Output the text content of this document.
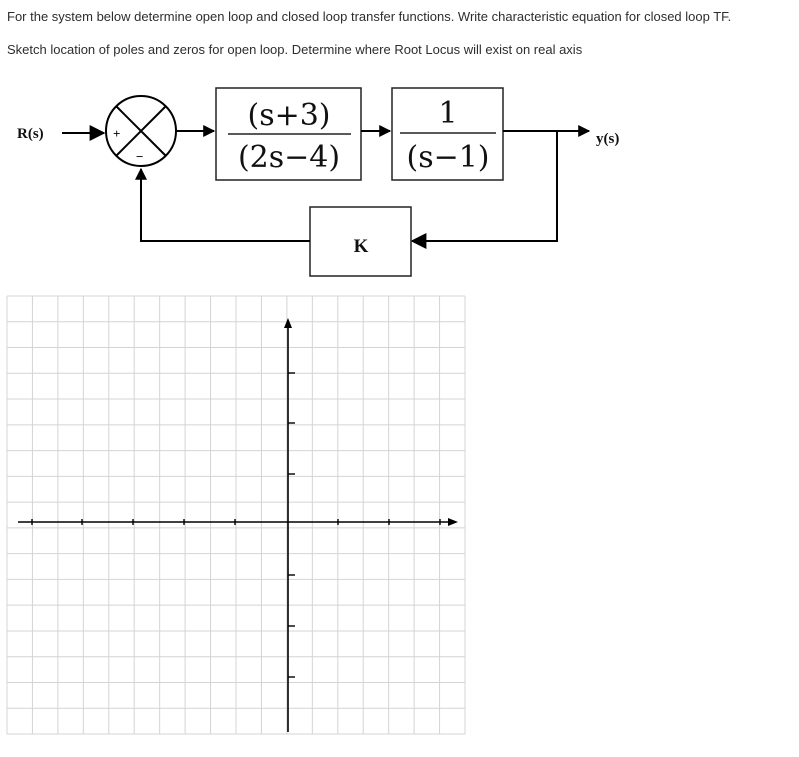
For the system below determine open loop and closed loop transfer functions. Write characteristic equation for closed loop TF.
Sketch location of poles and zeros for open loop. Determine where Root Locus will exist on real axis
R(s)	+
−
(s+3)
(2s−4)
1
(s−1)
y(s)
K
